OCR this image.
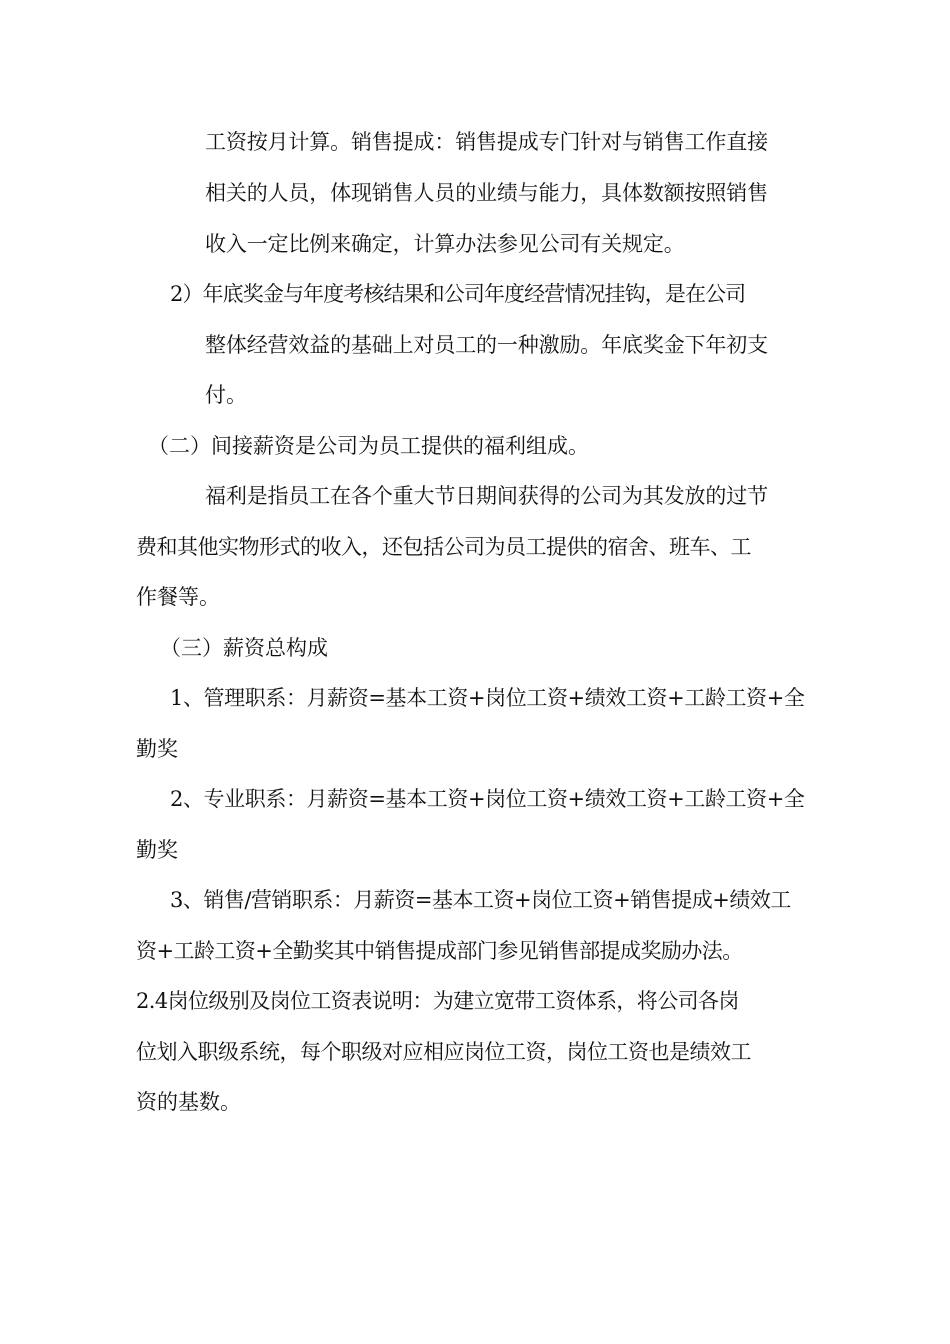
工资按月计算。销售提成：销售提成专门针对与销售工作直接
相关的人员，体现销售人员的业绩与能力，具体数额按照销售
收入一定比例来确定，计算办法参见公司有关规定。
2）年底奖金与年度考核结果和公司年度经营情况挂钩，是在公司
整体经营效益的基础上对员工的一种激励。年底奖金下年初支
付。
（二）间接薪资是公司为员工提供的福利组成。
福利是指员工在各个重大节日期间获得的公司为其发放的过节
费和其他实物形式的收入，还包括公司为员工提供的宿舍、班车、工
作餐等。
（三）薪资总构成
1、管理职系：月薪资=基本工资+岗位工资+绩效工资+工龄工资+全
勤奖
2、专业职系：月薪资=基本工资+岗位工资+绩效工资+工龄工资+全
勤奖
3、销售/营销职系：月薪资=基本工资+岗位工资+销售提成+绩效工
资+工龄工资+全勤奖其中销售提成部门参见销售部提成奖励办法。
2.4岗位级别及岗位工资表说明：为建立宽带工资体系，将公司各岗
位划入职级系统，每个职级对应相应岗位工资，岗位工资也是绩效工
资的基数。
